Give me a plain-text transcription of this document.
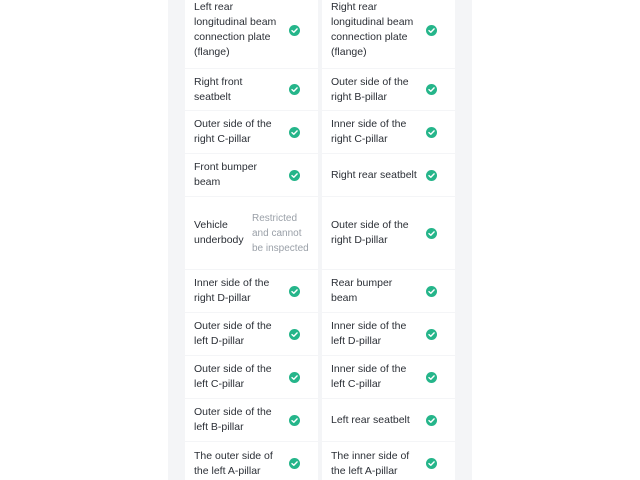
Left rear longitudinal beam connection plate (flange)
Right rear longitudinal beam connection plate (flange)
Right front seatbelt
Outer side of the right B-pillar
Outer side of the right C-pillar
Inner side of the right C-pillar
Front bumper beam
Right rear seatbelt
Vehicle underbody
Restricted and cannot be inspected
Outer side of the right D-pillar
Inner side of the right D-pillar
Rear bumper beam
Outer side of the left D-pillar
Inner side of the left D-pillar
Outer side of the left C-pillar
Inner side of the left C-pillar
Outer side of the left B-pillar
Left rear seatbelt
The outer side of the left A-pillar
The inner side of the left A-pillar
